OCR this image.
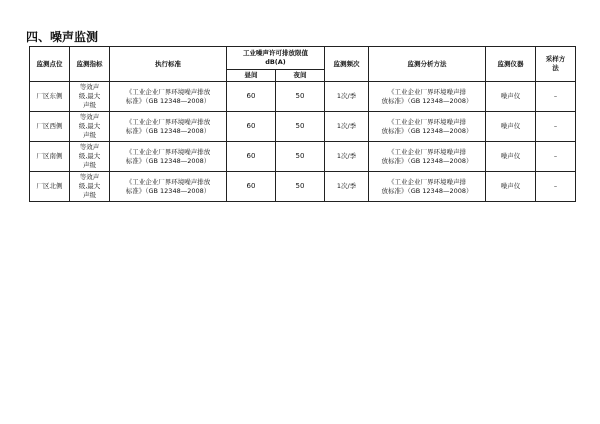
四、噪声监测
监测点位	监测指标	执行标准	工业噪声许可排放限值
dB(A)		监测频次	监测分析方法	监测仪器	采样方
法

			昼间	夜间				
厂区东侧	等效声
级,最大
声级	《工业企业厂界环境噪声排放
标准》（GB 12348—2008）	60	50	1次/季	《工业企业厂界环境噪声排
放标准》（GB 12348—2008）	噪声仪	–
厂区西侧	等效声
级,最大
声级	《工业企业厂界环境噪声排放
标准》（GB 12348—2008）	60	50	1次/季	《工业企业厂界环境噪声排
放标准》（GB 12348—2008）	噪声仪	–
厂区南侧	等效声
级,最大
声级	《工业企业厂界环境噪声排放
标准》（GB 12348—2008）	60	50	1次/季	《工业企业厂界环境噪声排
放标准》（GB 12348—2008）	噪声仪	–
厂区北侧	等效声
级,最大
声级	《工业企业厂界环境噪声排放
标准》（GB 12348—2008）	60	50	1次/季	《工业企业厂界环境噪声排
放标准》（GB 12348—2008）	噪声仪	–
